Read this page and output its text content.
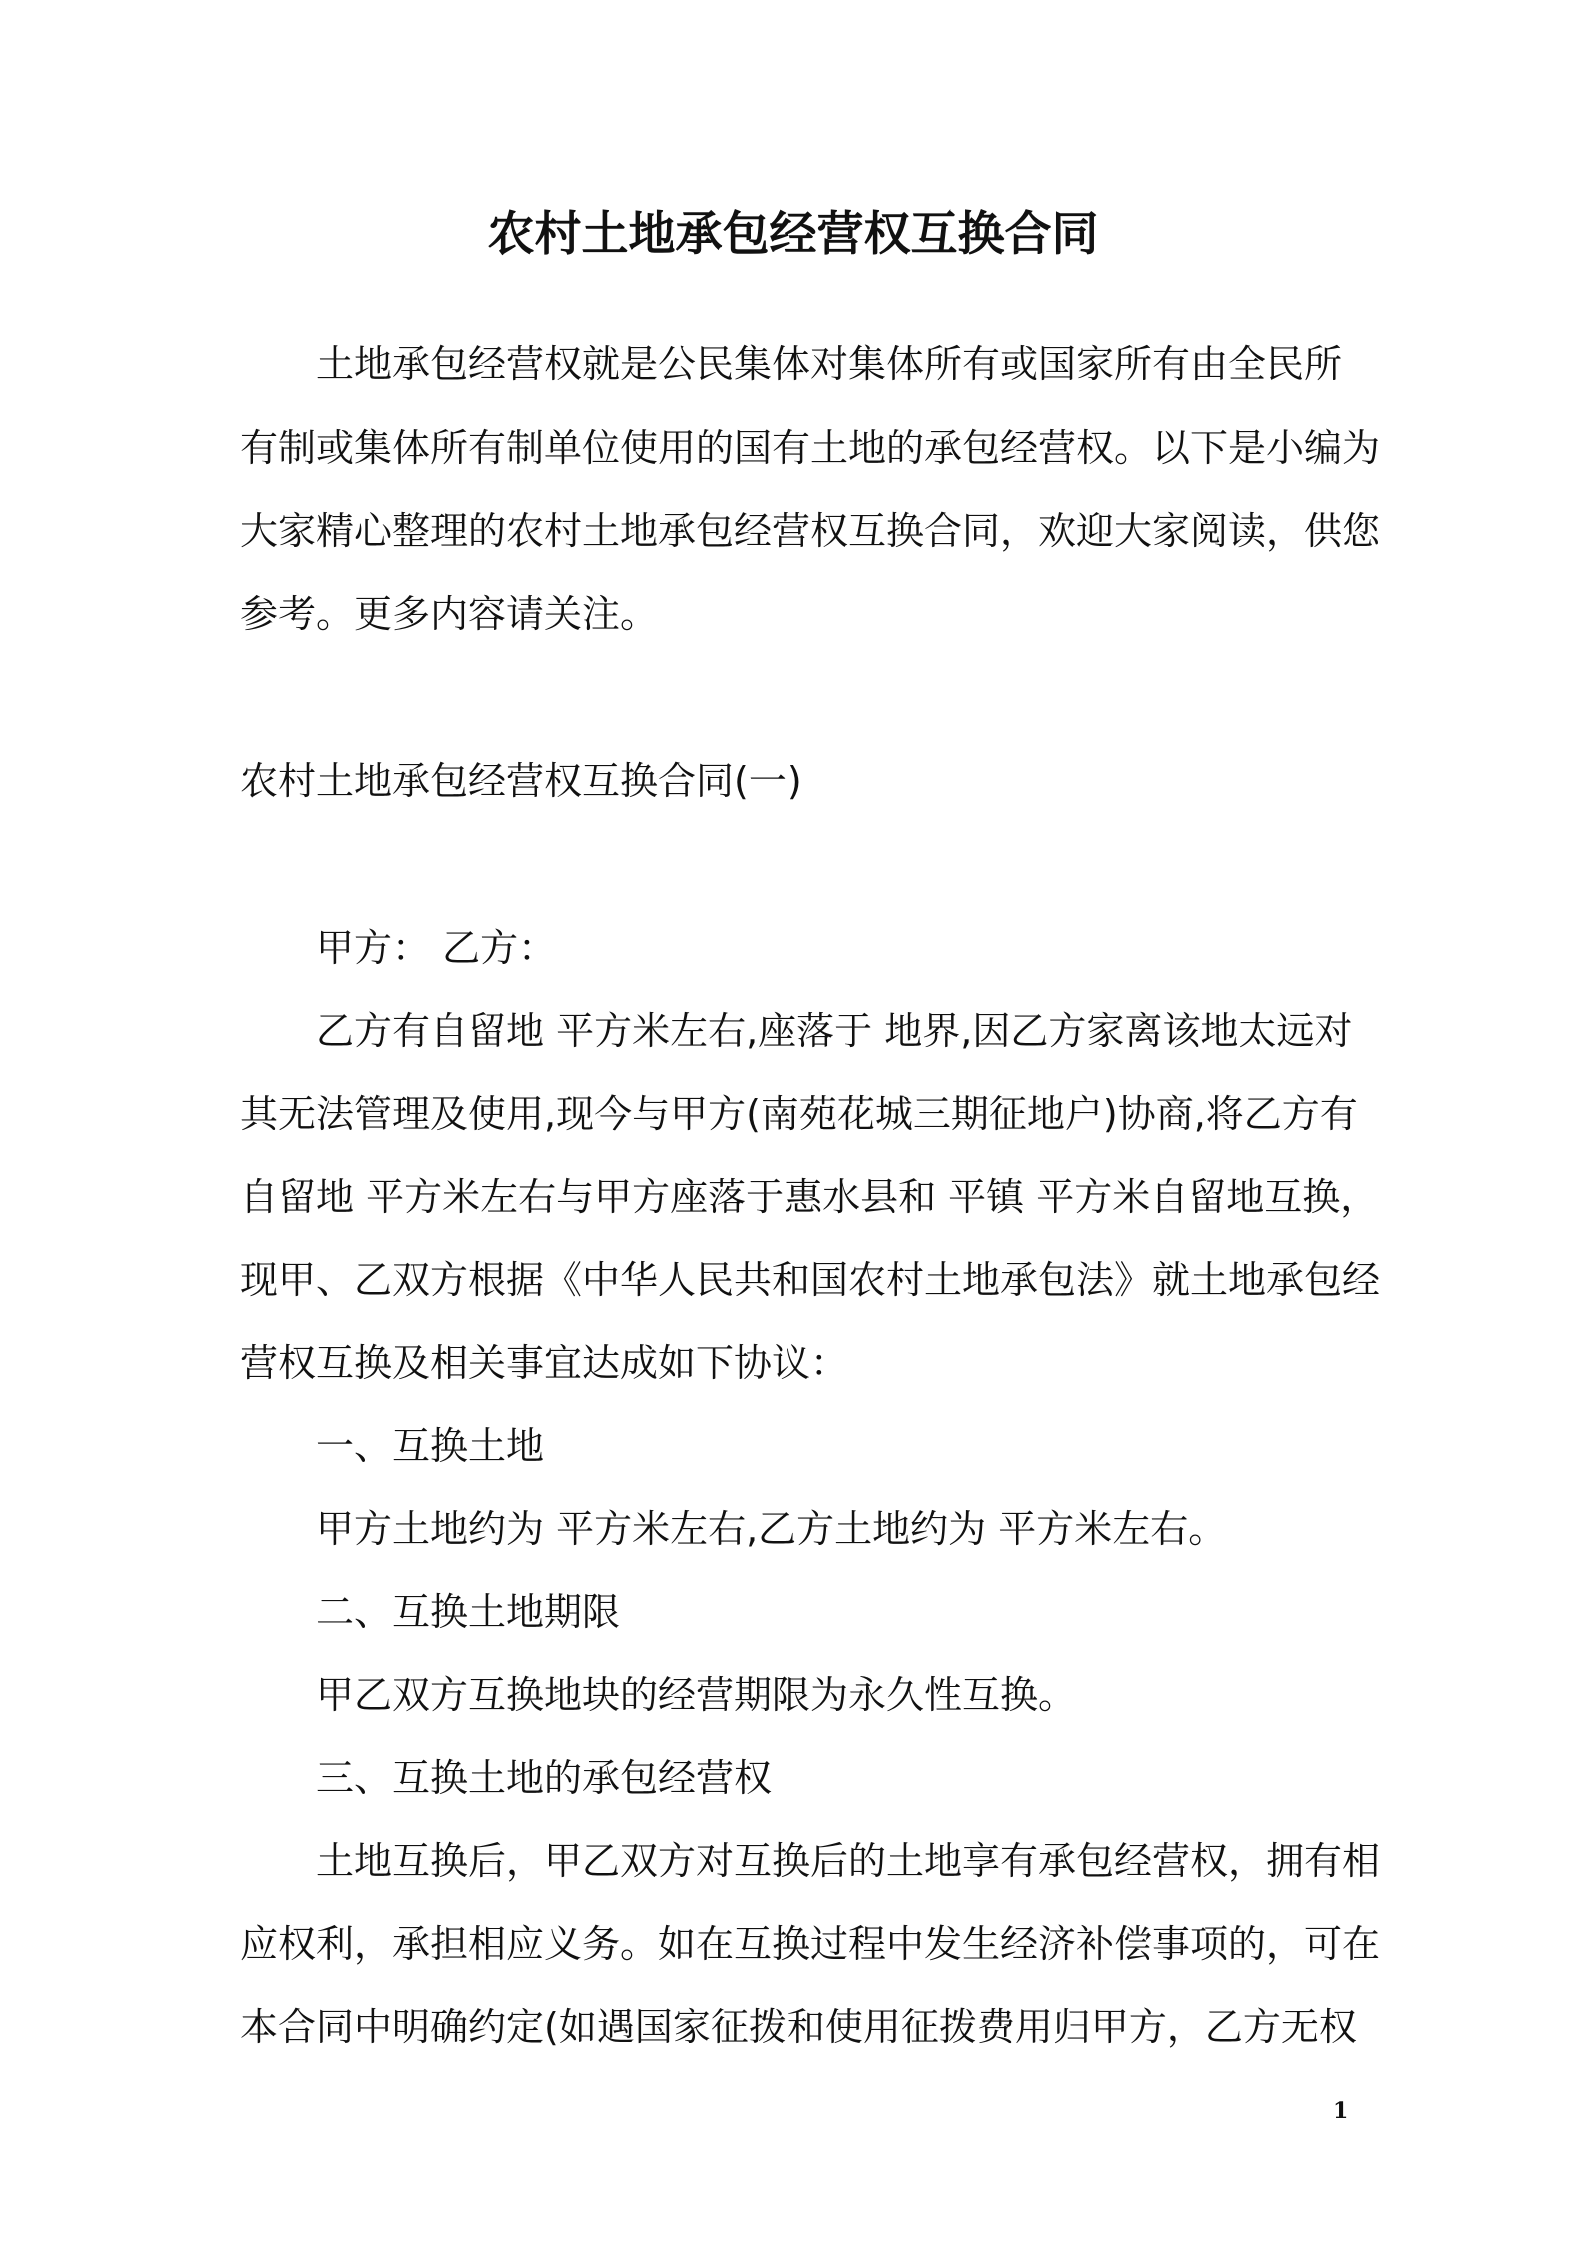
农村土地承包经营权互换合同
土地承包经营权就是公民集体对集体所有或国家所有由全民所
有制或集体所有制单位使用的国有土地的承包经营权。以下是小编为
大家精心整理的农村土地承包经营权互换合同，欢迎大家阅读，供您
参考。更多内容请关注。
农村土地承包经营权互换合同(一)
甲方： 乙方：
乙方有自留地 平方米左右,座落于 地界,因乙方家离该地太远对
其无法管理及使用,现今与甲方(南苑花城三期征地户)协商,将乙方有
自留地 平方米左右与甲方座落于惠水县和 平镇 平方米自留地互换，
现甲、乙双方根据《中华人民共和国农村土地承包法》就土地承包经
营权互换及相关事宜达成如下协议：
一、互换土地
甲方土地约为 平方米左右,乙方土地约为 平方米左右。
二、互换土地期限
甲乙双方互换地块的经营期限为永久性互换。
三、互换土地的承包经营权
土地互换后，甲乙双方对互换后的土地享有承包经营权，拥有相
应权利，承担相应义务。如在互换过程中发生经济补偿事项的，可在
本合同中明确约定(如遇国家征拨和使用征拨费用归甲方，乙方无权
1
